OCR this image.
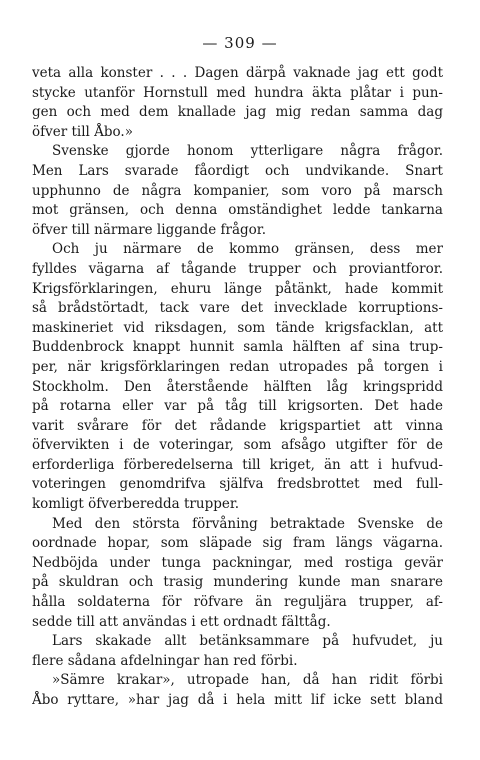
— 309 —
veta alla konster . . . Dagen därpå vaknade jag ett godt
stycke utanför Hornstull med hundra äkta plåtar i pun-
gen och med dem knallade jag mig redan samma dag
öfver till Åbo.»
Svenske gjorde honom ytterligare några frågor.
Men Lars svarade fåordigt och undvikande. Snart
upphunno de några kompanier, som voro på marsch
mot gränsen, och denna omständighet ledde tankarna
öfver till närmare liggande frågor.
Och ju närmare de kommo gränsen, dess mer
fylldes vägarna af tågande trupper och proviantforor.
Krigsförklaringen, ehuru länge påtänkt, hade kommit
så brådstörtadt, tack vare det invecklade korruptions-
maskineriet vid riksdagen, som tände krigsfacklan, att
Buddenbrock knappt hunnit samla hälften af sina trup-
per, när krigsförklaringen redan utropades på torgen i
Stockholm. Den återstående hälften låg kringspridd
på rotarna eller var på tåg till krigsorten. Det hade
varit svårare för det rådande krigspartiet att vinna
öfvervikten i de voteringar, som afsågo utgifter för de
erforderliga förberedelserna till kriget, än att i hufvud-
voteringen genomdrifva själfva fredsbrottet med full-
komligt öfverberedda trupper.
Med den största förvåning betraktade Svenske de
oordnade hopar, som släpade sig fram längs vägarna.
Nedböjda under tunga packningar, med rostiga gevär
på skuldran och trasig mundering kunde man snarare
hålla soldaterna för röfvare än reguljära trupper, af-
sedde till att användas i ett ordnadt fälttåg.
Lars skakade allt betänksammare på hufvudet, ju
flere sådana afdelningar han red förbi.
»Sämre krakar», utropade han, då han ridit förbi
Åbo ryttare, »har jag då i hela mitt lif icke sett bland
